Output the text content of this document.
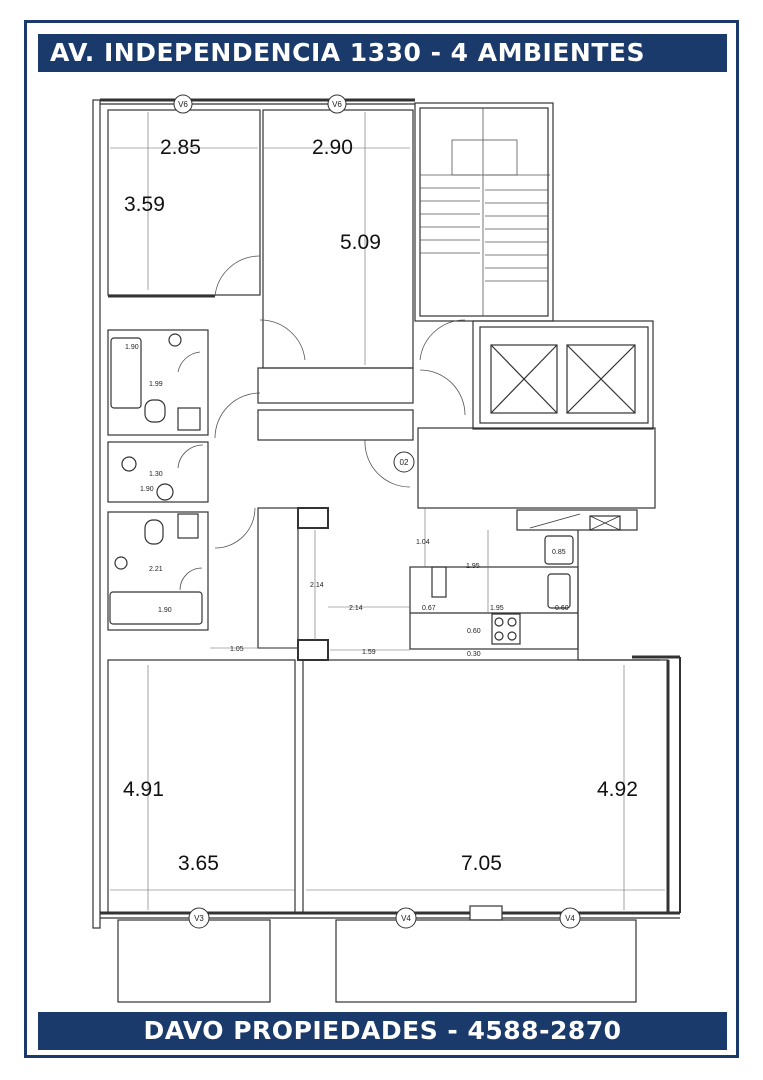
AV. INDEPENDENCIA 1330 - 4 AMBIENTES
V6	V6
02
V3	V4	V4
2.85
3.59
2.90
5.09
4.91
3.65
4.92
7.05
1.90
1.99
1.30
1.90
2.21
1.90
1.05
2.14
2.14
1.04
1.95
0.67	1.95
0.60
0.60
0.85
1.59	0.30
DAVO PROPIEDADES - 4588-2870
